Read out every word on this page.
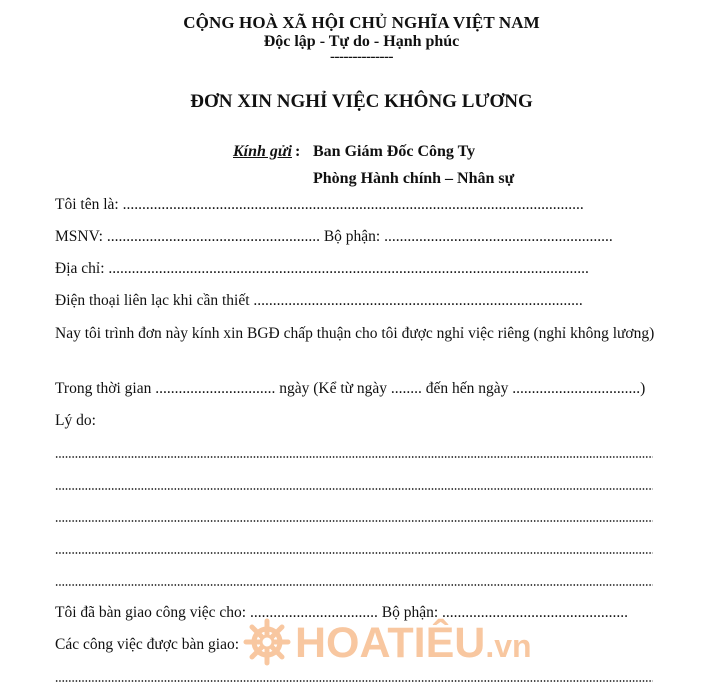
CỘNG HOÀ XÃ HỘI CHỦ NGHĨA VIỆT NAM
Độc lập - Tự do - Hạnh phúc
--------------
ĐƠN XIN NGHỈ VIỆC KHÔNG LƯƠNG
Kính gửi : Ban Giám Đốc Công Ty
Phòng Hành chính – Nhân sự
Tôi tên là: .......................................................................................................................
MSNV: ....................................................... Bộ phận: ...........................................................
Địa chỉ: ............................................................................................................................
Điện thoại liên lạc khi cần thiết .....................................................................................
Nay tôi trình đơn này kính xin BGĐ chấp thuận cho tôi được nghỉ việc riêng (nghỉ không lương)
Trong thời gian ............................... ngày (Kể từ ngày ........ đến hến ngày .................................)
Lý do:
Tôi đã bàn giao công việc cho: ................................. Bộ phận: ................................................
Các công việc được bàn giao: HOATIÊU.vn
